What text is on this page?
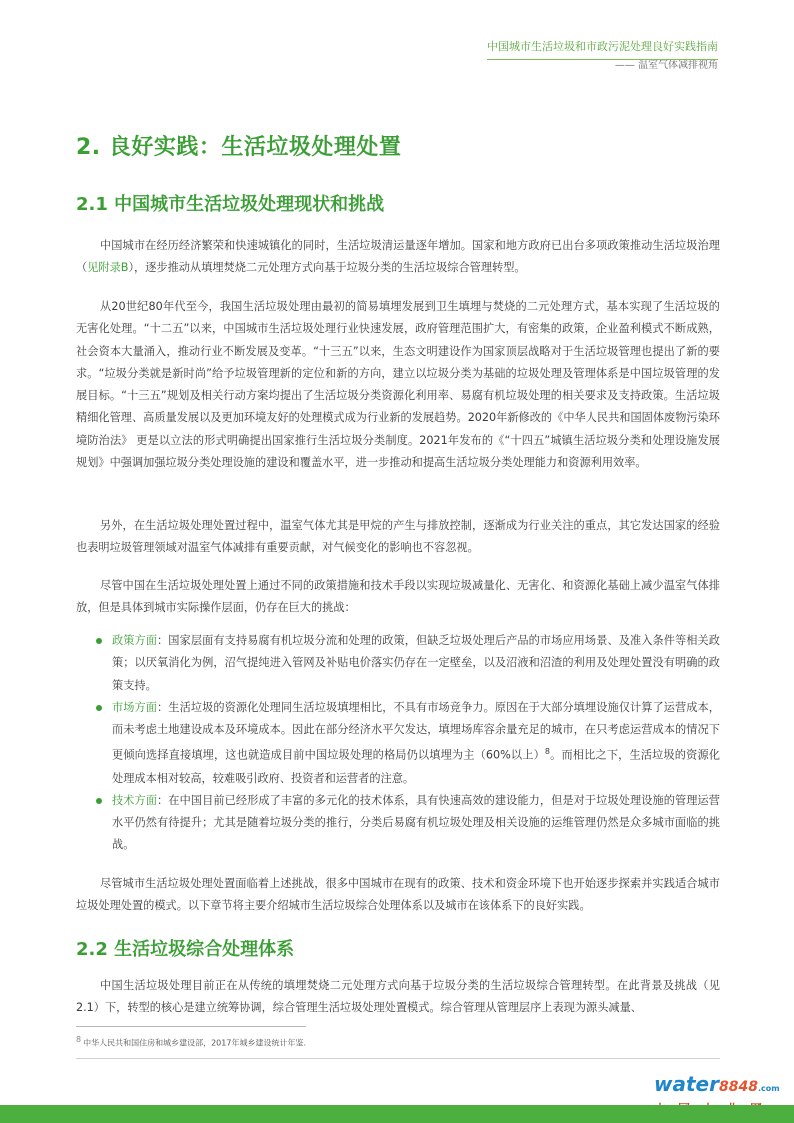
中国城市生活垃圾和市政污泥处理良好实践指南
—— 温室气体减排视角
2. 良好实践：生活垃圾处理处置
2.1 中国城市生活垃圾处理现状和挑战

中国城市在经历经济繁荣和快速城镇化的同时，生活垃圾清运量逐年增加。国家和地方政府已出台多项政策推动生活垃圾治理（见附录B），逐步推动从填埋焚烧二元处理方式向基于垃圾分类的生活垃圾综合管理转型。

从20世纪80年代至今，我国生活垃圾处理由最初的简易填埋发展到卫生填埋与焚烧的二元处理方式，基本实现了生活垃圾的无害化处理。“十二五”以来，中国城市生活垃圾处理行业快速发展，政府管理范围扩大，有密集的政策，企业盈利模式不断成熟，社会资本大量涌入，推动行业不断发展及变革。“十三五”以来，生态文明建设作为国家顶层战略对于生活垃圾管理也提出了新的要求。“垃圾分类就是新时尚”给予垃圾管理新的定位和新的方向，建立以垃圾分类为基础的垃圾处理及管理体系是中国垃圾管理的发展目标。“十三五”规划及相关行动方案均提出了生活垃圾分类资源化利用率、易腐有机垃圾处理的相关要求及支持政策。生活垃圾精细化管理、高质量发展以及更加环境友好的处理模式成为行业新的发展趋势。2020年新修改的《中华人民共和国固体废物污染环境防治法》 更是以立法的形式明确提出国家推行生活垃圾分类制度。2021年发布的《“十四五”城镇生活垃圾分类和处理设施发展规划》中强调加强垃圾分类处理设施的建设和覆盖水平，进一步推动和提高生活垃圾分类处理能力和资源利用效率。

另外，在生活垃圾处理处置过程中，温室气体尤其是甲烷的产生与排放控制，逐渐成为行业关注的重点，其它发达国家的经验也表明垃圾管理领域对温室气体减排有重要贡献，对气候变化的影响也不容忽视。

尽管中国在生活垃圾处理处置上通过不同的政策措施和技术手段以实现垃圾减量化、无害化、和资源化基础上减少温室气体排放，但是具体到城市实际操作层面，仍存在巨大的挑战：

政策方面：国家层面有支持易腐有机垃圾分流和处理的政策，但缺乏垃圾处理后产品的市场应用场景、及准入条件等相关政策；以厌氧消化为例，沼气提纯进入管网及补贴电价落实仍存在一定壁垒，以及沼液和沼渣的利用及处理处置没有明确的政策支持。
市场方面：生活垃圾的资源化处理同生活垃圾填埋相比，不具有市场竞争力。原因在于大部分填埋设施仅计算了运营成本，而未考虑土地建设成本及环境成本。因此在部分经济水平欠发达，填埋场库容余量充足的城市，在只考虑运营成本的情况下更倾向选择直接填埋，这也就造成目前中国垃圾处理的格局仍以填埋为主（60%以上）$^8$。而相比之下，生活垃圾的资源化处理成本相对较高，较难吸引政府、投资者和运营者的注意。
技术方面：在中国目前已经形成了丰富的多元化的技术体系，具有快速高效的建设能力，但是对于垃圾处理设施的管理运营水平仍然有待提升；尤其是随着垃圾分类的推行，分类后易腐有机垃圾处理及相关设施的运维管理仍然是众多城市面临的挑战。

尽管城市生活垃圾处理处置面临着上述挑战，很多中国城市在现有的政策、技术和资金环境下也开始逐步探索并实践适合城市垃圾处理处置的模式。以下章节将主要介绍城市生活垃圾综合处理体系以及城市在该体系下的良好实践。

2.2 生活垃圾综合处理体系

中国生活垃圾处理目前正在从传统的填埋焚烧二元处理方式向基于垃圾分类的生活垃圾综合管理转型。在此背景及挑战（见2.1）下，转型的核心是建立统筹协调，综合管理生活垃圾处理处置模式。综合管理从管理层序上表现为源头减量、

$^8$ 中华人民共和国住房和城乡建设部，2017年城乡建设统计年鉴.
water8848.com
